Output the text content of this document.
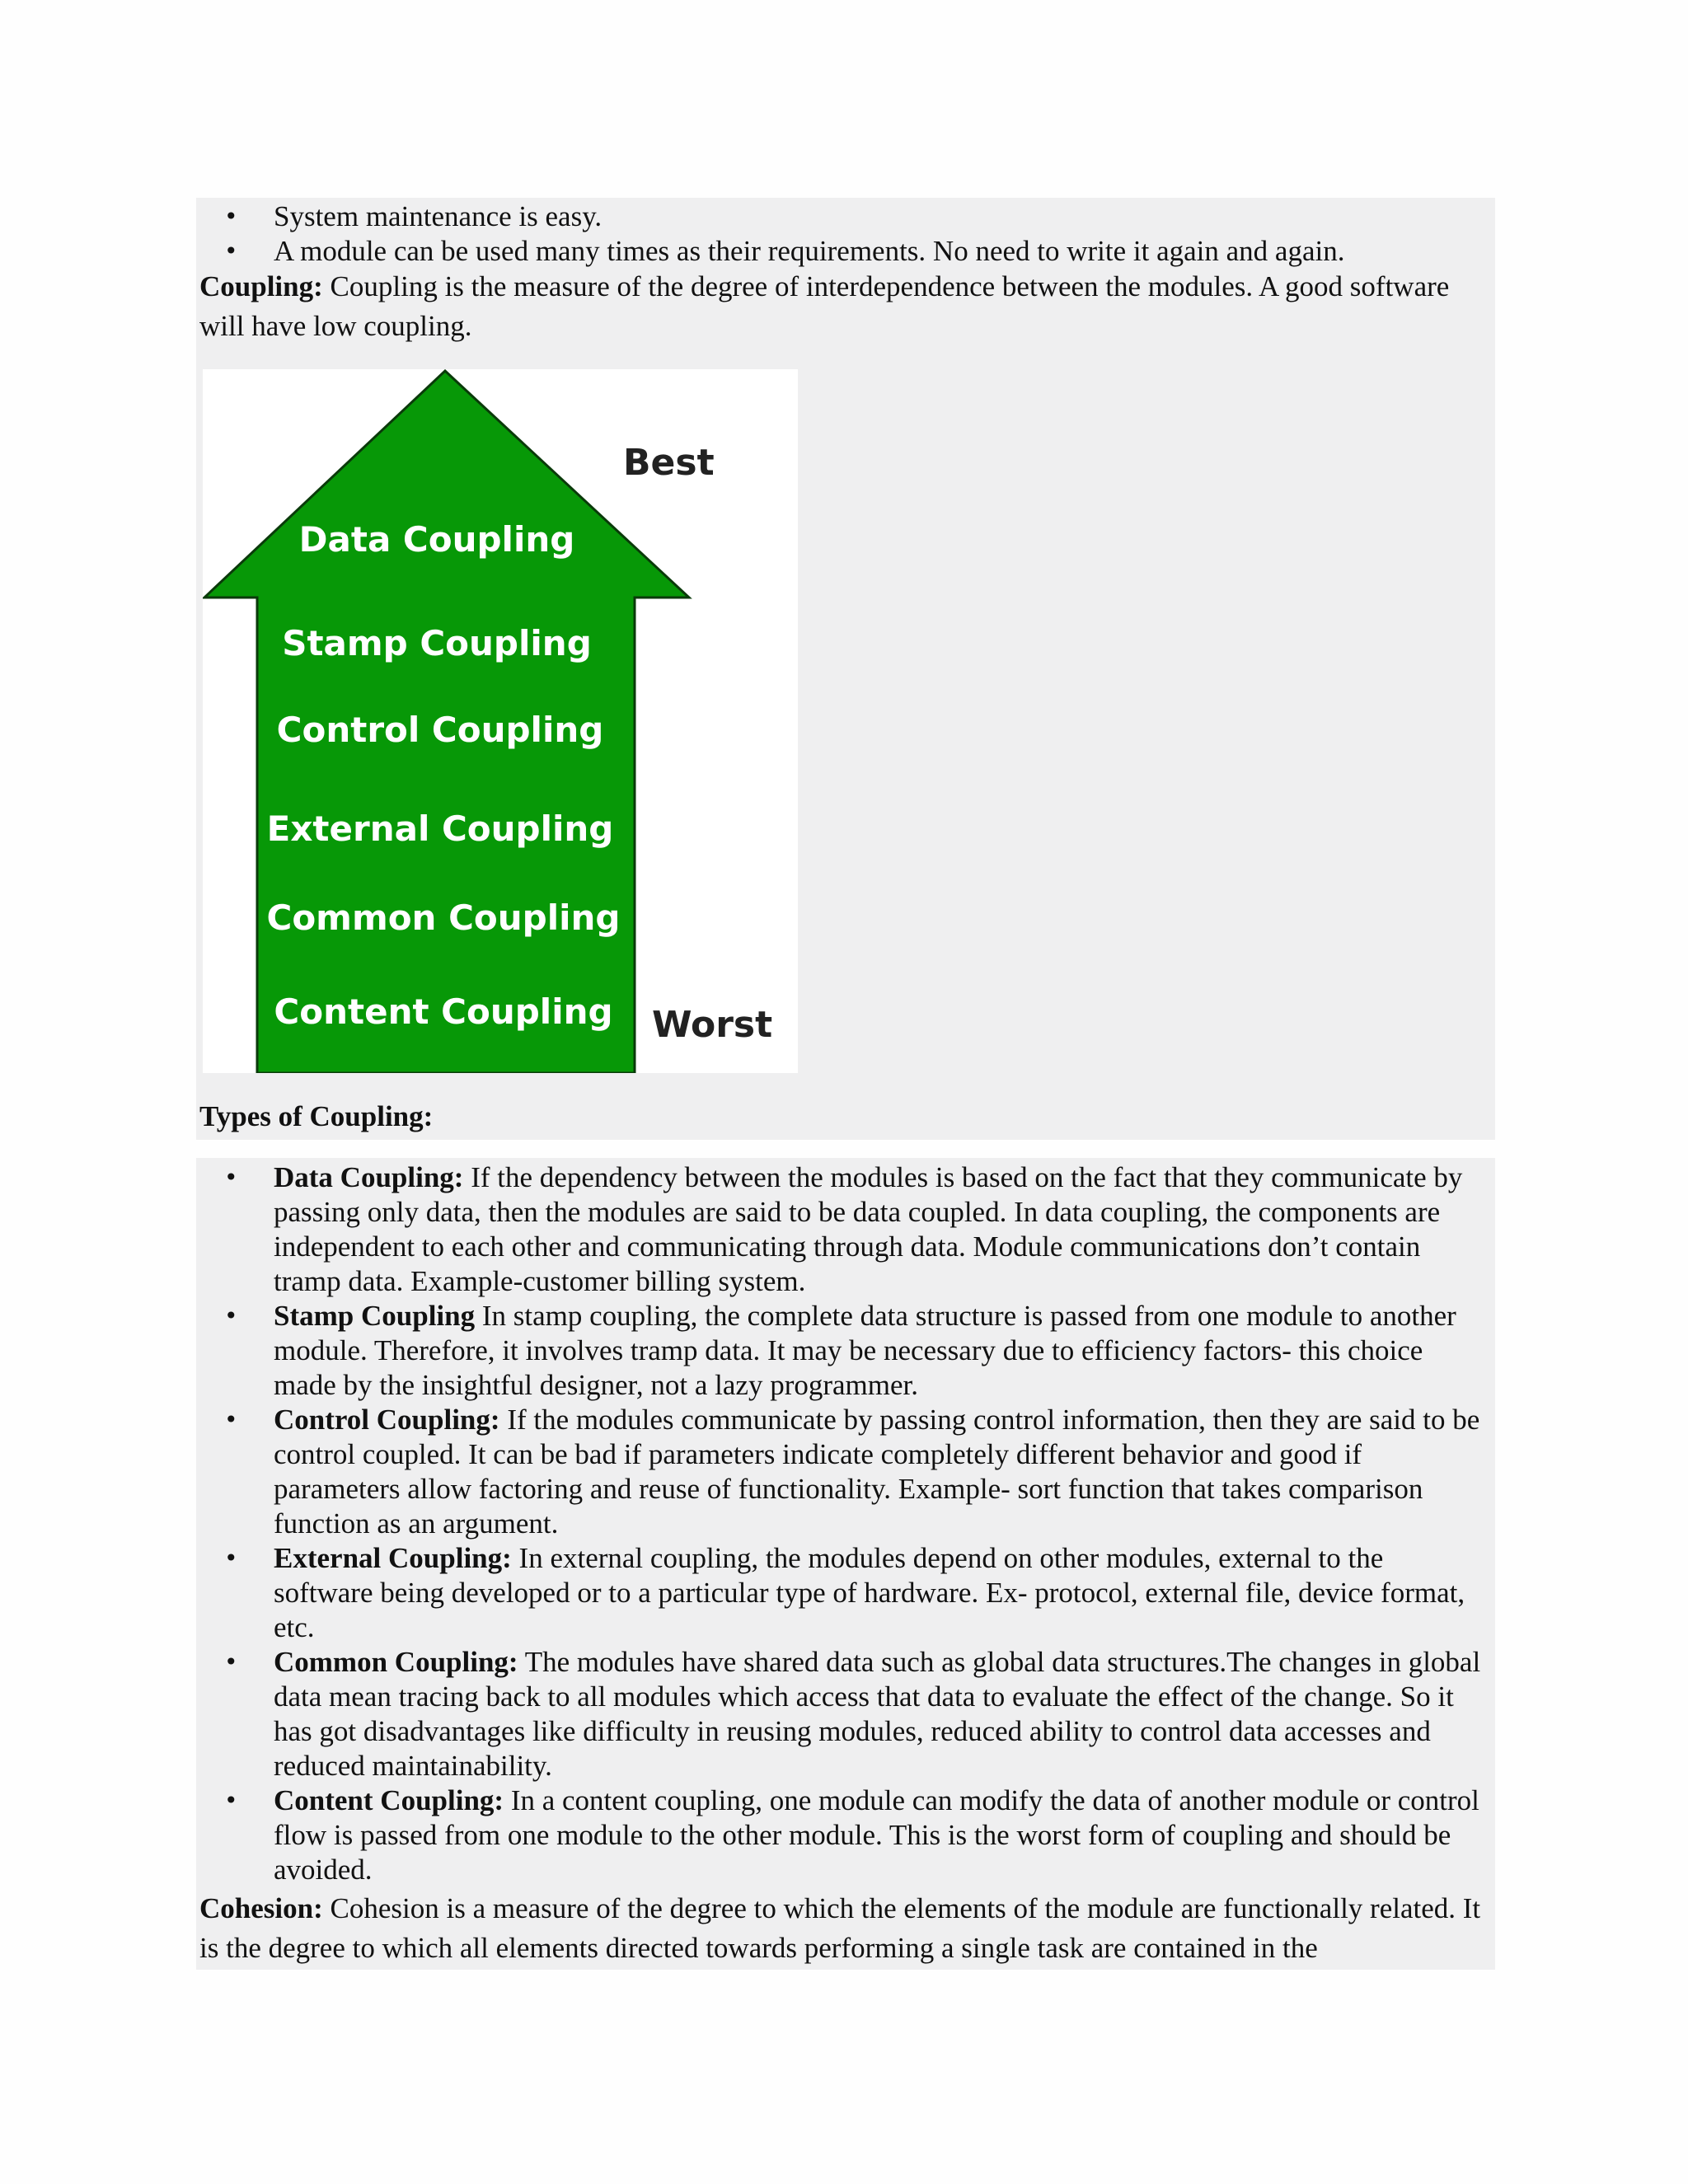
• System maintenance is easy.
• A module can be used many times as their requirements. No need to write it again and again.
Coupling: Coupling is the measure of the degree of interdependence between the modules. A good software will have low coupling.
Best
Worst
Data Coupling
Stamp Coupling
Control Coupling
External Coupling
Common Coupling
Content Coupling
Types of Coupling:
• Data Coupling: If the dependency between the modules is based on the fact that they communicate by passing only data, then the modules are said to be data coupled. In data coupling, the components are independent to each other and communicating through data. Module communications don’t contain tramp data. Example-customer billing system.
• Stamp Coupling In stamp coupling, the complete data structure is passed from one module to another module. Therefore, it involves tramp data. It may be necessary due to efficiency factors- this choice made by the insightful designer, not a lazy programmer.
• Control Coupling: If the modules communicate by passing control information, then they are said to be control coupled. It can be bad if parameters indicate completely different behavior and good if parameters allow factoring and reuse of functionality. Example- sort function that takes comparison function as an argument.
• External Coupling: In external coupling, the modules depend on other modules, external to the software being developed or to a particular type of hardware. Ex- protocol, external file, device format, etc.
• Common Coupling: The modules have shared data such as global data structures.The changes in global data mean tracing back to all modules which access that data to evaluate the effect of the change. So it has got disadvantages like difficulty in reusing modules, reduced ability to control data accesses and reduced maintainability.
• Content Coupling: In a content coupling, one module can modify the data of another module or control flow is passed from one module to the other module. This is the worst form of coupling and should be avoided.
Cohesion: Cohesion is a measure of the degree to which the elements of the module are functionally related. It is the degree to which all elements directed towards performing a single task are contained in the
